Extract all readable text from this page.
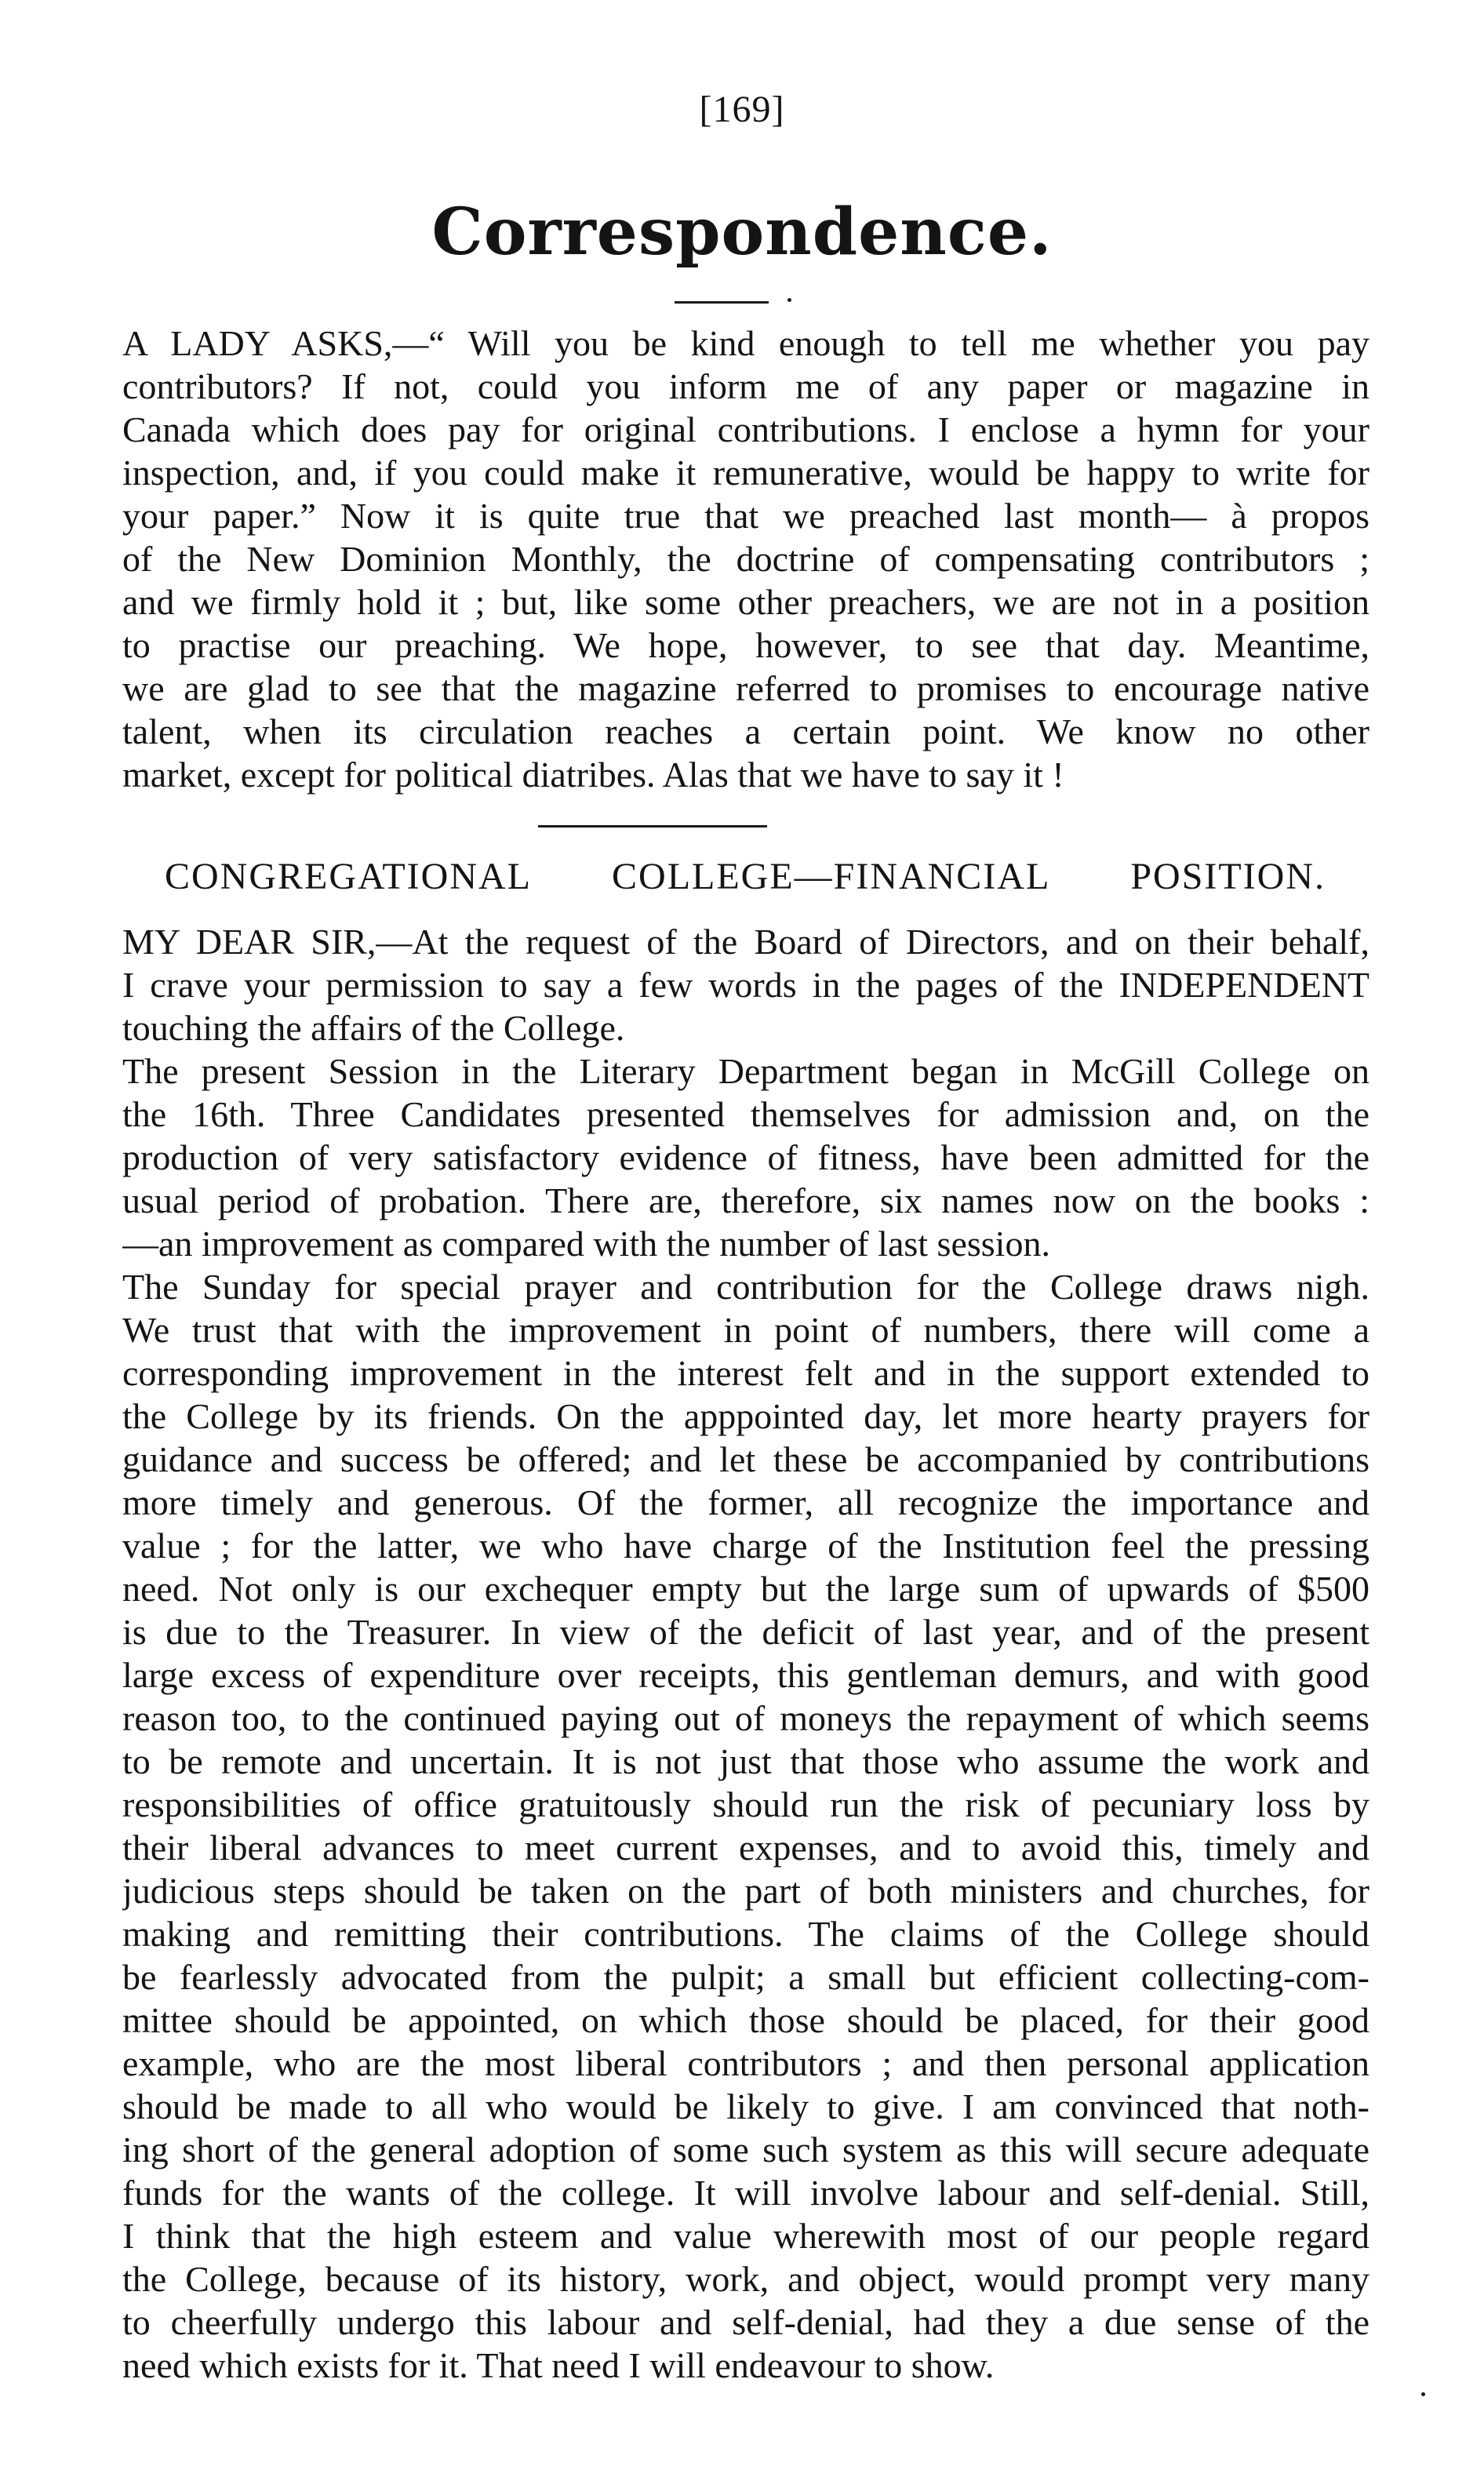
[169]
Correspondence.
A LADY ASKS,—“ Will you be kind enough to tell me whether you pay
contributors? If not, could you inform me of any paper or magazine in
Canada which does pay for original contributions. I enclose a hymn for your
inspection, and, if you could make it remunerative, would be happy to write for
your paper.” Now it is quite true that we preached last month— à propos
of the New Dominion Monthly, the doctrine of compensating contributors ;
and we firmly hold it ; but, like some other preachers, we are not in a position
to practise our preaching. We hope, however, to see that day. Meantime,
we are glad to see that the magazine referred to promises to encourage native
talent, when its circulation reaches a certain point. We know no other
market, except for political diatribes. Alas that we have to say it !
CONGREGATIONAL COLLEGE—FINANCIAL POSITION.
MY DEAR SIR,—At the request of the Board of Directors, and on their behalf,
I crave your permission to say a few words in the pages of the INDEPENDENT
touching the affairs of the College.
The present Session in the Literary Department began in McGill College on
the 16th. Three Candidates presented themselves for admission and, on the
production of very satisfactory evidence of fitness, have been admitted for the
usual period of probation. There are, therefore, six names now on the books :
—an improvement as compared with the number of last session.
The Sunday for special prayer and contribution for the College draws nigh.
We trust that with the improvement in point of numbers, there will come a
corresponding improvement in the interest felt and in the support extended to
the College by its friends. On the apppointed day, let more hearty prayers for
guidance and success be offered; and let these be accompanied by contributions
more timely and generous. Of the former, all recognize the importance and
value ; for the latter, we who have charge of the Institution feel the pressing
need. Not only is our exchequer empty but the large sum of upwards of $500
is due to the Treasurer. In view of the deficit of last year, and of the present
large excess of expenditure over receipts, this gentleman demurs, and with good
reason too, to the continued paying out of moneys the repayment of which seems
to be remote and uncertain. It is not just that those who assume the work and
responsibilities of office gratuitously should run the risk of pecuniary loss by
their liberal advances to meet current expenses, and to avoid this, timely and
judicious steps should be taken on the part of both ministers and churches, for
making and remitting their contributions. The claims of the College should
be fearlessly advocated from the pulpit; a small but efficient collecting-com-
mittee should be appointed, on which those should be placed, for their good
example, who are the most liberal contributors ; and then personal application
should be made to all who would be likely to give. I am convinced that noth-
ing short of the general adoption of some such system as this will secure adequate
funds for the wants of the college. It will involve labour and self-denial. Still,
I think that the high esteem and value wherewith most of our people regard
the College, because of its history, work, and object, would prompt very many
to cheerfully undergo this labour and self-denial, had they a due sense of the
need which exists for it. That need I will endeavour to show.
